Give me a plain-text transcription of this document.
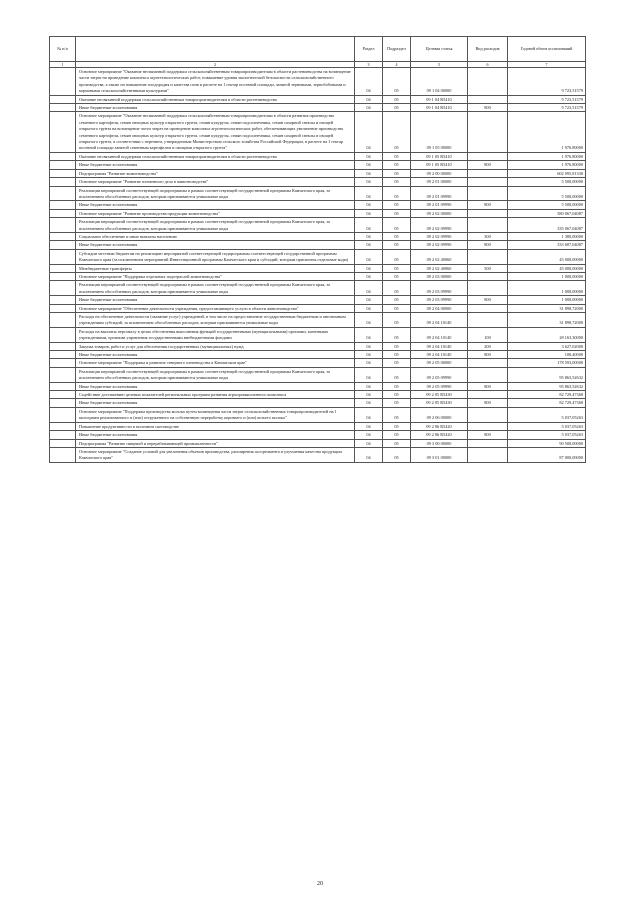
№ п/п		Раздел	Подраздел	Целевая статья	Вид расходов	Годовой объем ассигнований
1	2	3	4	5	6	7
	Основное мероприятие "Оказание несвязанной поддержки сельскохозяйственным товаропроизводителям в области растениеводства на возмещение части затрат на проведение комплекса агротехнологических работ, повышение уровня экологической безопасности сельскохозяйственного производства, а также на повышение плодородия и качества почв в расчете на 1 гектар посевной площади, занятой зерновыми, зернобобовыми и кормовыми сельскохозяйственными культурами"	04	05	09 1 04 00000		9 723,51579
	Оказание несвязанной поддержки сельскохозяйственным товаропроизводителям в области растениеводства	04	05	09 1 04 R5410		9 723,51579
	Иные бюджетные ассигнования	04	05	09 1 04 R5410	800	9 723,51579
	Основное мероприятие "Оказание несвязанной поддержки сельскохозяйственным товаропроизводителям в области развития производства семенного картофеля, семян овощных культур открытого грунта, семян кукурузы, семян подсолнечника, семян сахарной свеклы и овощей открытого грунта на возмещение части затрат на проведение комплекса агротехнологических работ, обеспечивающих увеличение производства семенного картофеля, семян овощных культур открытого грунта, семян кукурузы, семян подсолнечника, семян сахарной свеклы и овощей открытого грунта, в соответствии с перечнем, утвержденным Министерством сельского хозяйства Российской Федерации, в расчете на 1 гектар посевной площади занятой семенным картофелем и овощами открытого грунта"	04	05	09 1 05 00000		1 976,80000
	Оказание несвязанной поддержки сельскохозяйственным товаропроизводителям в области растениеводства	04	05	09 1 05 R5410		1 976,80000
	Иные бюджетные ассигнования	04	05	09 1 05 R5410	800	1 976,80000
	Подпрограмма "Развитие животноводства"	04	05	09 2 00 00000		602 095,81330
	Основное мероприятие "Развитие племенного дела в животноводстве"	04	05	09 2 01 00000		5 500,00000
	Реализация мероприятий соответствующей подпрограммы в рамках соответствующей государственной программы Камчатского края, за исключением обособленных расходов, которым присваиваются уникальные коды	04	05	09 2 01 09990		5 500,00000
	Иные бюджетные ассигнования	04	05	09 2 01 09990	800	5 500,00000
	Основное мероприятие "Развитие производства продукции животноводства"	04	05	09 2 02 00000		380 067,04087
	Реализация мероприятий соответствующей подпрограммы в рамках соответствующей государственной программы Камчатского края, за исключением обособленных расходов, которым присваиваются уникальные коды	04	05	09 2 02 09990		335 067,04087
	Социальное обеспечение и иные выплаты населению	04	05	09 2 02 09990	300	1 380,00000
	Иные бюджетные ассигнования	04	05	09 2 02 09990	800	333 687,04087
	Субсидии местным бюджетам на реализацию мероприятий соответствующей подпрограммы соответствующей государственной программы Камчатского края (за исключением мероприятий Инвестиционной программы Камчатского края и субсидий, которым присвоены отдельные коды)	04	05	09 2 02 40060		45 000,00000
	Межбюджетные трансферты	04	05	09 2 02 40060	500	45 000,00000
	Основное мероприятие "Поддержка отдельных подотраслей животноводства"	04	05	09 2 03 00000		1 000,00000
	Реализация мероприятий соответствующей подпрограммы в рамках соответствующей государственной программы Камчатского края, за исключением обособленных расходов, которым присваиваются уникальные коды	04	05	09 2 03 09990		1 000,00000
	Иные бюджетные ассигнования	04	05	09 2 03 09990	800	1 000,00000
	Основное мероприятие "Обеспечение деятельности учреждения, предоставляющего услуги в области животноводства"	04	05	09 2 04 00000		31 898,72000
	Расходы на обеспечение деятельности (оказание услуг) учреждений, в том числе на предоставление государственным бюджетным и автономным учреждениям субсидий, за исключением обособленных расходов, которым присваиваются уникальные коды	04	05	09 2 04 10140		31 898,72000
	Расходы на выплаты персоналу в целях обеспечения выполнения функций государственными (муниципальными) органами, казенными учреждениями, органами управления государственными внебюджетными фондами	04	05	09 2 04 10140	100	28 163,30000
	Закупка товаров, работ и услуг для обеспечения государственных (муниципальных) нужд	04	05	09 2 04 10140	200	3 627,02000
	Иные бюджетные ассигнования	04	05	09 2 04 10140	800	108,40000
	Основное мероприятие "Поддержка и развитие северного оленеводства в Камчатском крае"	04	05	09 2 05 00000		178 593,00000
	Реализация мероприятий соответствующей подпрограммы в рамках соответствующей государственной программы Камчатского края, за исключением обособленных расходов, которым присваиваются уникальные коды	04	05	09 2 05 09990		95 863,52632
	Иные бюджетные ассигнования	04	05	09 2 05 09990	800	95 863,52632
	Содействие достижению целевых показателей региональных программ развития агропромышленного комплекса	04	05	09 2 05 R5430		82 729,47368
	Иные бюджетные ассигнования	04	05	09 2 05 R5430	800	82 729,47368
	Основное мероприятие "Поддержка производства молока путем возмещения части затрат сельскохозяйственных товаропроизводителей на 1 килограмм реализованного и (или) отгруженного на собственную переработку коровьего и (или) козьего молока"	04	05	09 2 06 00000		5 037,05263
	Повышение продуктивности в молочном скотоводстве	04	05	09 2 06 R5420		5 037,05263
	Иные бюджетные ассигнования	04	05	09 2 06 R5420	800	5 037,05263
	Подпрограмма "Развитие пищевой и перерабатывающей промышленности"	04	05	09 3 00 00000		90 500,00000
	Основное мероприятие "Создание условий для увеличения объемов производства, расширения ассортимента и улучшения качества продукции Камчатского края"	04	05	09 3 01 00000		87 000,00000
20
